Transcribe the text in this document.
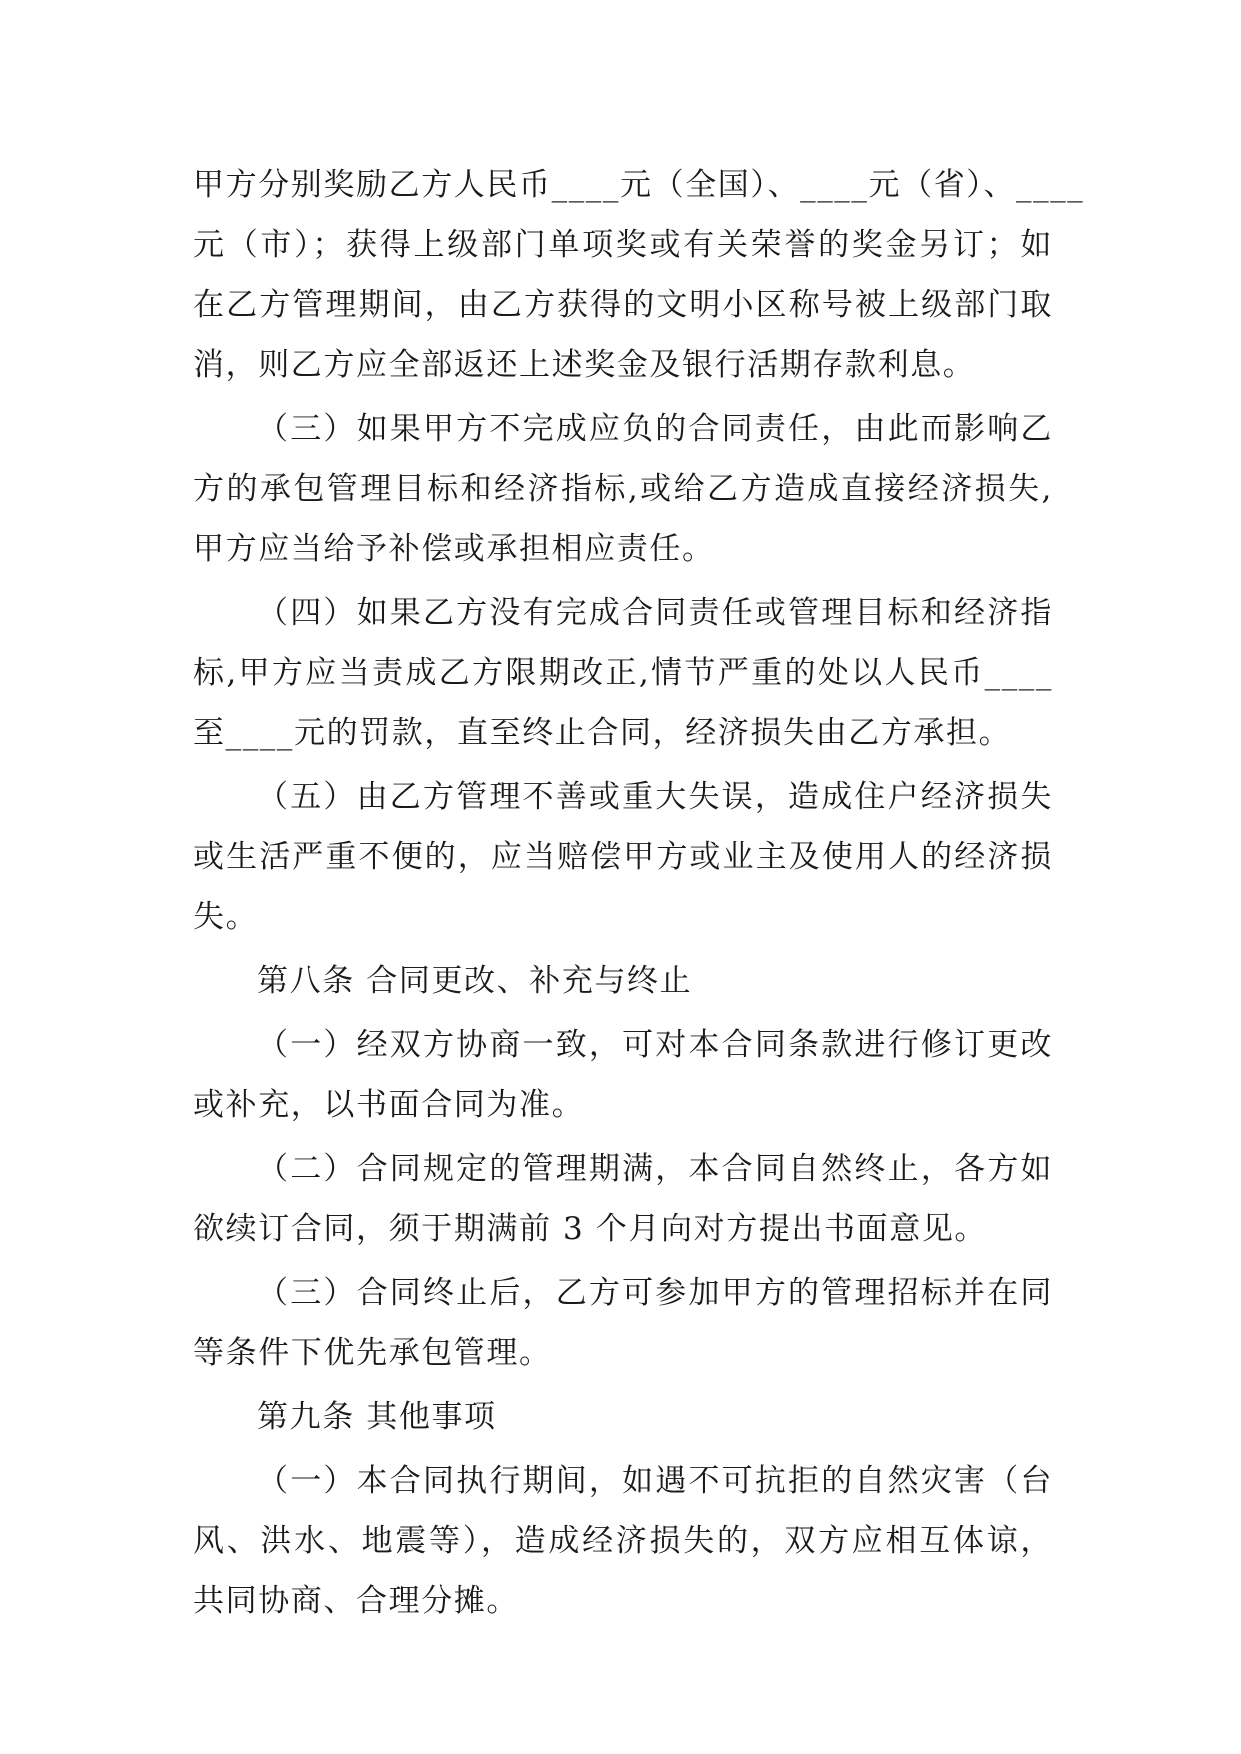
甲方分别奖励乙方人民币____元（全国）、____元（省）、____
元（市）；获得上级部门单项奖或有关荣誉的奖金另订；如
在乙方管理期间，由乙方获得的文明小区称号被上级部门取
消，则乙方应全部返还上述奖金及银行活期存款利息。
（三）如果甲方不完成应负的合同责任，由此而影响乙
方的承包管理目标和经济指标,或给乙方造成直接经济损失,
甲方应当给予补偿或承担相应责任。
（四）如果乙方没有完成合同责任或管理目标和经济指
标,甲方应当责成乙方限期改正,情节严重的处以人民币____
至____元的罚款，直至终止合同，经济损失由乙方承担。
（五）由乙方管理不善或重大失误，造成住户经济损失
或生活严重不便的，应当赔偿甲方或业主及使用人的经济损
失。
第八条 合同更改、补充与终止
（一）经双方协商一致，可对本合同条款进行修订更改
或补充，以书面合同为准。
（二）合同规定的管理期满，本合同自然终止，各方如
欲续订合同，须于期满前 3 个月向对方提出书面意见。
（三）合同终止后，乙方可参加甲方的管理招标并在同
等条件下优先承包管理。
第九条 其他事项
（一）本合同执行期间，如遇不可抗拒的自然灾害（台
风、洪水、地震等），造成经济损失的，双方应相互体谅，
共同协商、合理分摊。
